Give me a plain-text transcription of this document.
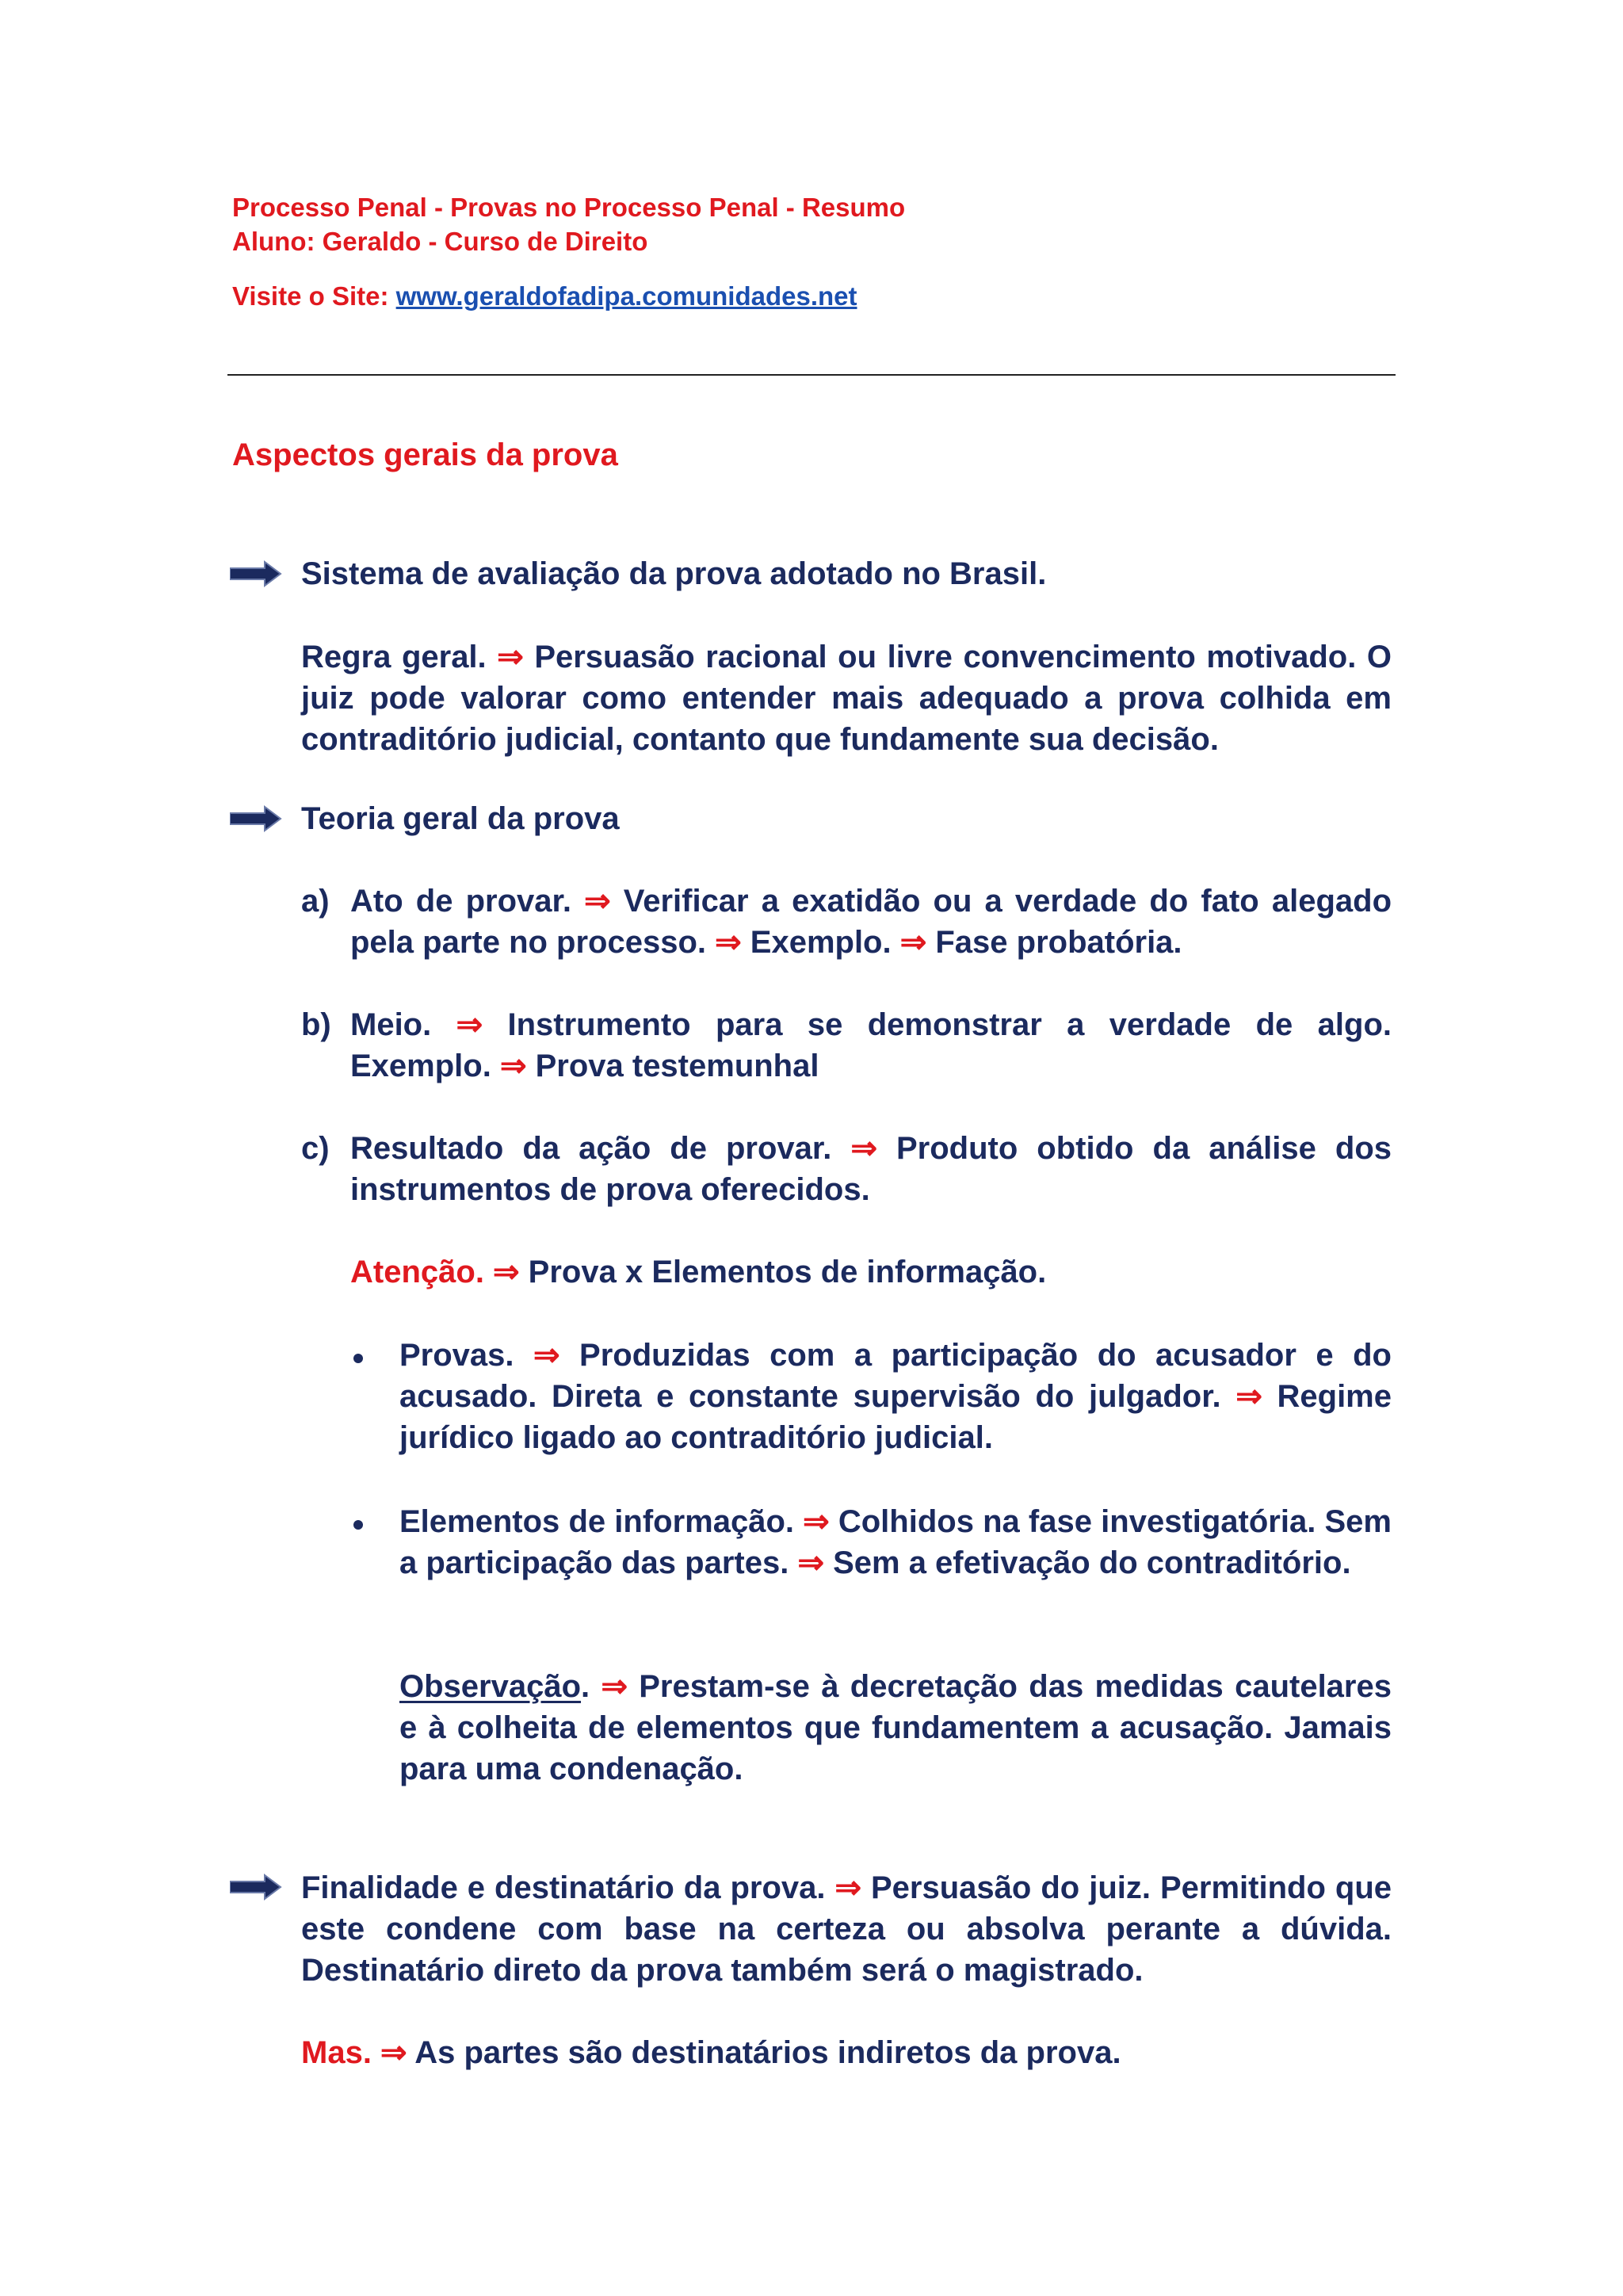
Processo Penal - Provas no Processo Penal - Resumo
Aluno: Geraldo - Curso de Direito
Visite o Site: www.geraldofadipa.comunidades.net
Aspectos gerais da prova
Sistema de avaliação da prova adotado no Brasil.
Regra geral. ⇒ Persuasão racional ou livre convencimento motivado. O juiz pode valorar como entender mais adequado a prova colhida em contraditório judicial, contanto que fundamente sua decisão.
Teoria geral da prova
a) Ato de provar. ⇒ Verificar a exatidão ou a verdade do fato alegado pela parte no processo. ⇒ Exemplo. ⇒ Fase probatória.
b) Meio. ⇒ Instrumento para se demonstrar a verdade de algo. Exemplo. ⇒ Prova testemunhal
c) Resultado da ação de provar. ⇒ Produto obtido da análise dos instrumentos de prova oferecidos.
Atenção. ⇒ Prova x Elementos de informação.
Provas. ⇒ Produzidas com a participação do acusador e do acusado. Direta e constante supervisão do julgador. ⇒ Regime jurídico ligado ao contraditório judicial.
Elementos de informação. ⇒ Colhidos na fase investigatória. Sem a participação das partes. ⇒ Sem a efetivação do contraditório.
Observação. ⇒ Prestam-se à decretação das medidas cautelares e à colheita de elementos que fundamentem a acusação. Jamais para uma condenação.
Finalidade e destinatário da prova. ⇒ Persuasão do juiz. Permitindo que este condene com base na certeza ou absolva perante a dúvida. Destinatário direto da prova também será o magistrado.
Mas. ⇒ As partes são destinatários indiretos da prova.
